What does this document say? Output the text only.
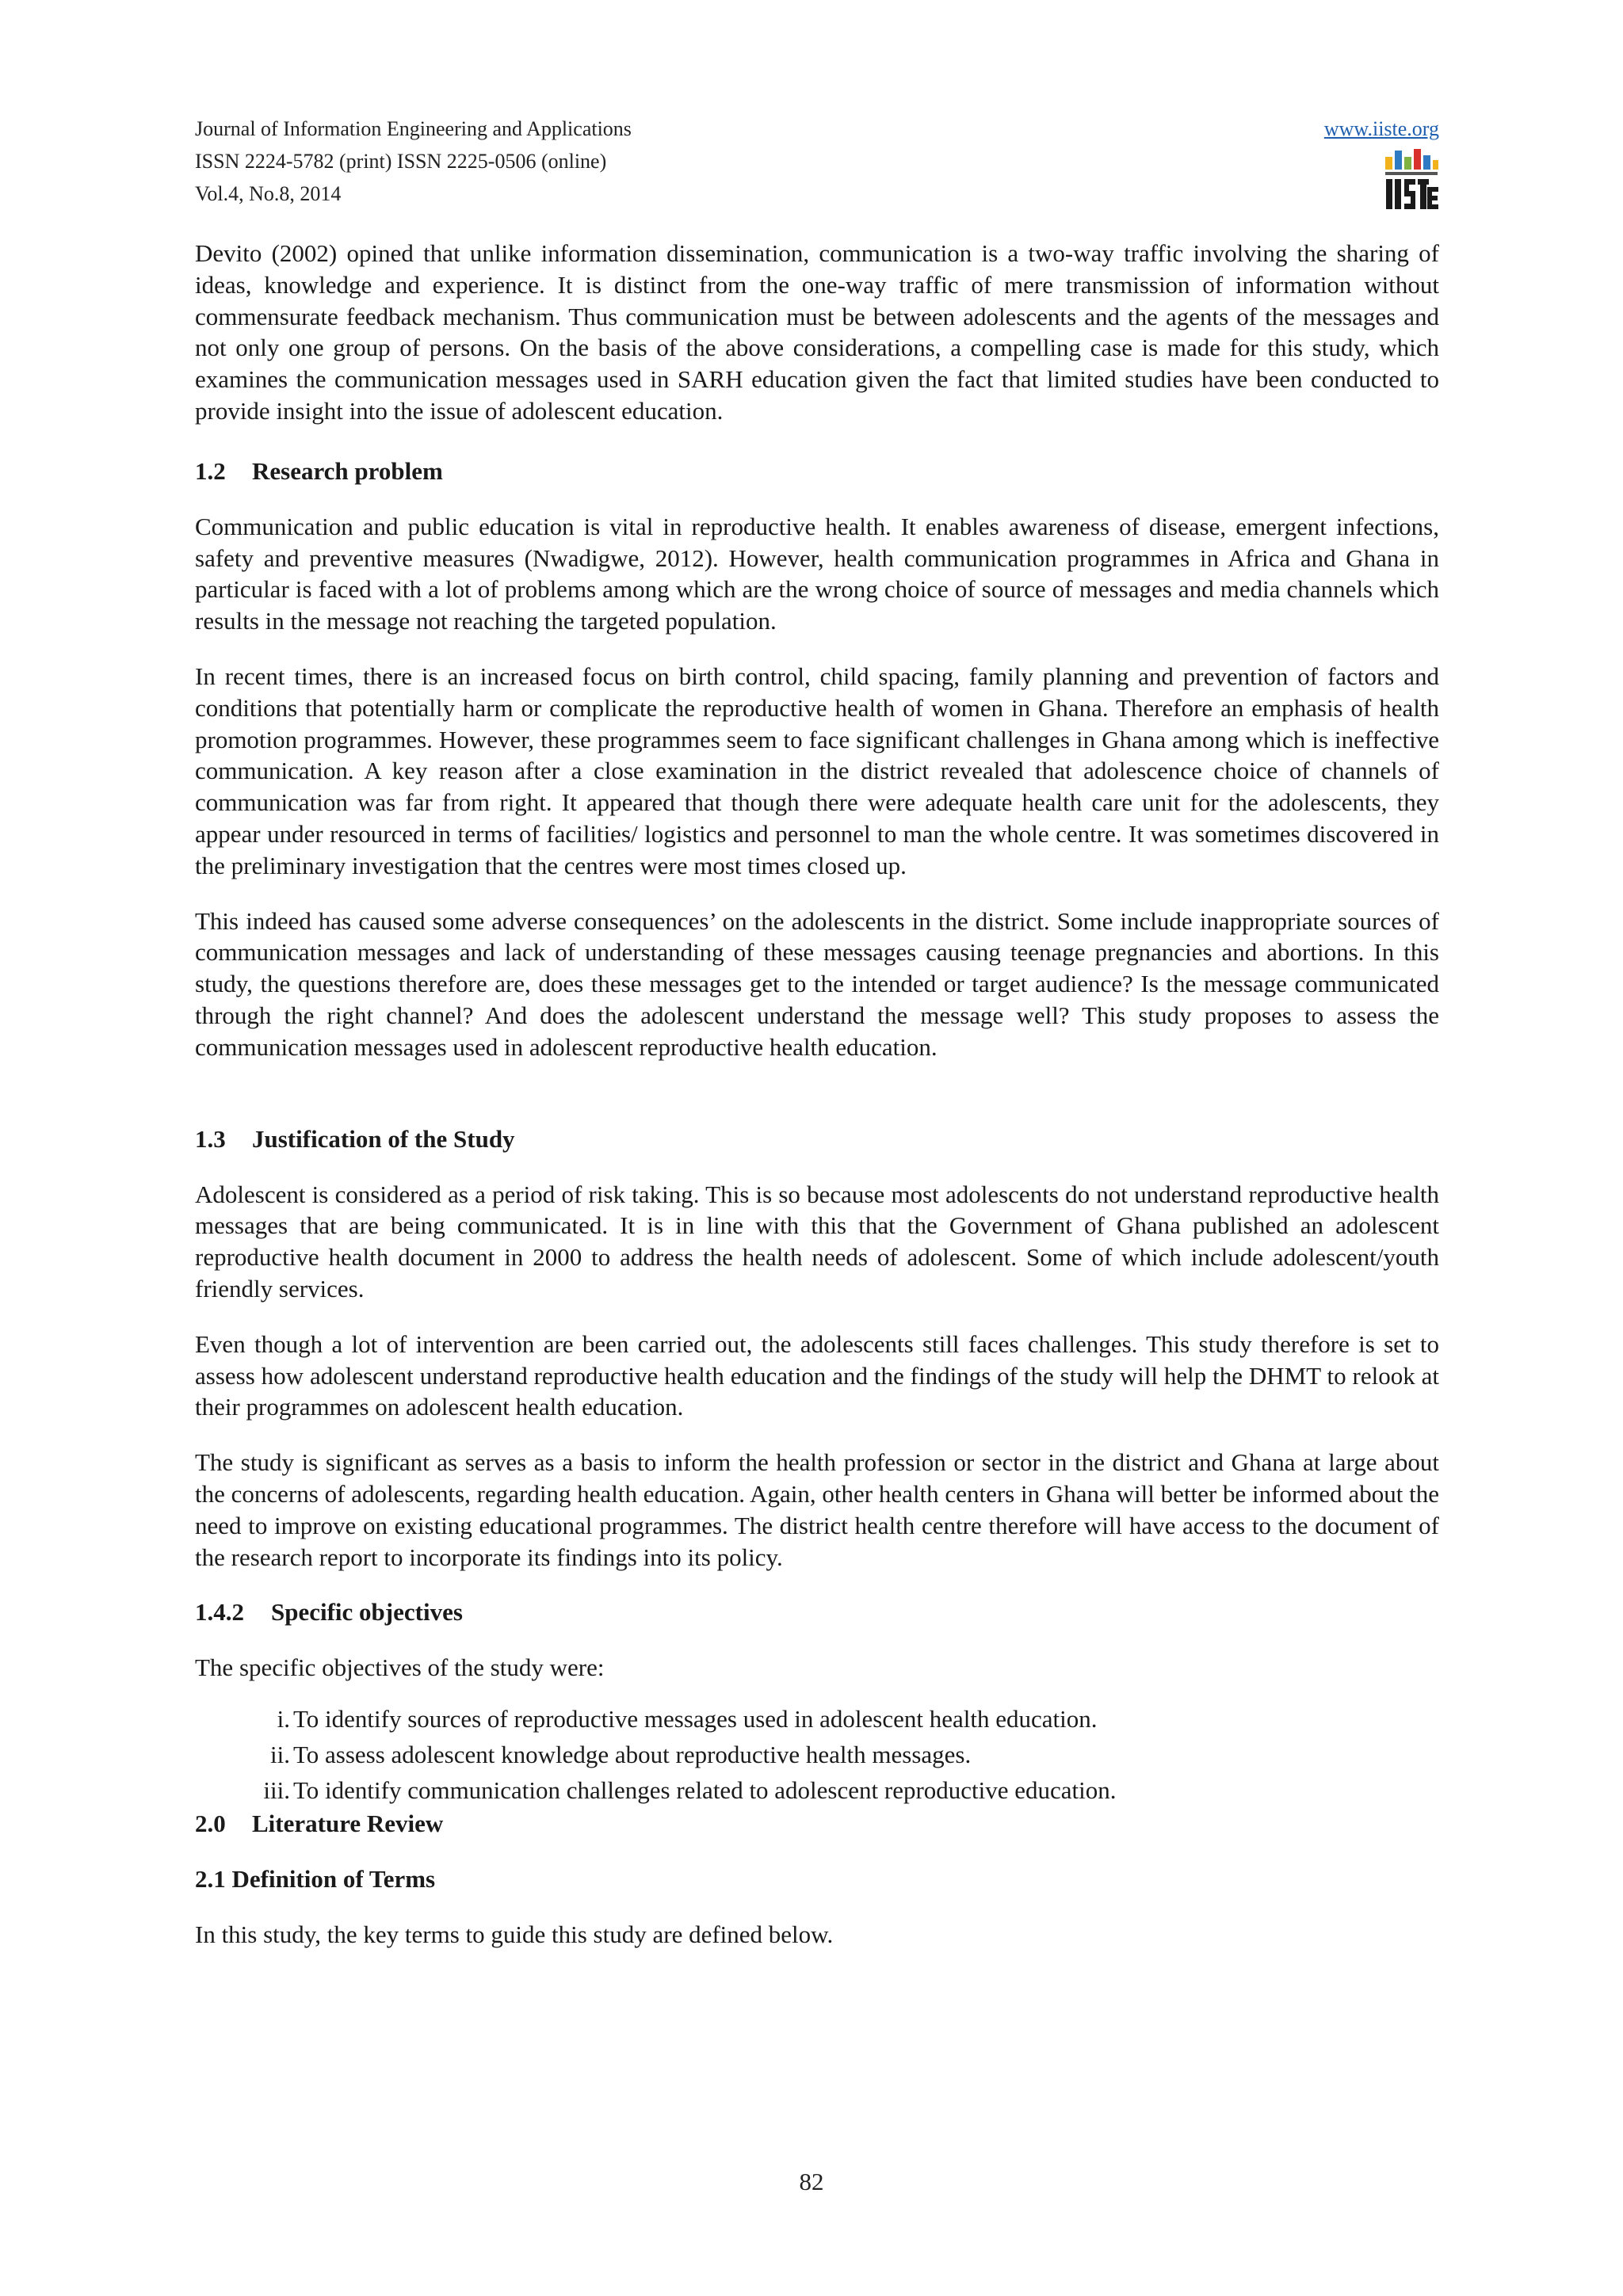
Journal of Information Engineering and Applications
ISSN 2224-5782 (print) ISSN 2225-0506 (online)
Vol.4, No.8, 2014
www.iiste.org

Devito (2002) opined that unlike information dissemination, communication is a two-way traffic involving the sharing of ideas, knowledge and experience. It is distinct from the one-way traffic of mere transmission of information without commensurate feedback mechanism. Thus communication must be between adolescents and the agents of the messages and not only one group of persons. On the basis of the above considerations, a compelling case is made for this study, which examines the communication messages used in SARH education given the fact that limited studies have been conducted to provide insight into the issue of adolescent education.

1.2 Research problem

Communication and public education is vital in reproductive health. It enables awareness of disease, emergent infections, safety and preventive measures (Nwadigwe, 2012). However, health communication programmes in Africa and Ghana in particular is faced with a lot of problems among which are the wrong choice of source of messages and media channels which results in the message not reaching the targeted population.

In recent times, there is an increased focus on birth control, child spacing, family planning and prevention of factors and conditions that potentially harm or complicate the reproductive health of women in Ghana. Therefore an emphasis of health promotion programmes. However, these programmes seem to face significant challenges in Ghana among which is ineffective communication. A key reason after a close examination in the district revealed that adolescence choice of channels of communication was far from right. It appeared that though there were adequate health care unit for the adolescents, they appear under resourced in terms of facilities/ logistics and personnel to man the whole centre. It was sometimes discovered in the preliminary investigation that the centres were most times closed up.

This indeed has caused some adverse consequences’ on the adolescents in the district. Some include inappropriate sources of communication messages and lack of understanding of these messages causing teenage pregnancies and abortions. In this study, the questions therefore are, does these messages get to the intended or target audience? Is the message communicated through the right channel? And does the adolescent understand the message well? This study proposes to assess the communication messages used in adolescent reproductive health education.

1.3 Justification of the Study

Adolescent is considered as a period of risk taking. This is so because most adolescents do not understand reproductive health messages that are being communicated. It is in line with this that the Government of Ghana published an adolescent reproductive health document in 2000 to address the health needs of adolescent. Some of which include adolescent/youth friendly services.

Even though a lot of intervention are been carried out, the adolescents still faces challenges. This study therefore is set to assess how adolescent understand reproductive health education and the findings of the study will help the DHMT to relook at their programmes on adolescent health education.

The study is significant as serves as a basis to inform the health profession or sector in the district and Ghana at large about the concerns of adolescents, regarding health education. Again, other health centers in Ghana will better be informed about the need to improve on existing educational programmes. The district health centre therefore will have access to the document of the research report to incorporate its findings into its policy.

1.4.2 Specific objectives

The specific objectives of the study were:

i. To identify sources of reproductive messages used in adolescent health education.
ii. To assess adolescent knowledge about reproductive health messages.
iii. To identify communication challenges related to adolescent reproductive education.

2.0 Literature Review

2.1 Definition of Terms

In this study, the key terms to guide this study are defined below.

82
